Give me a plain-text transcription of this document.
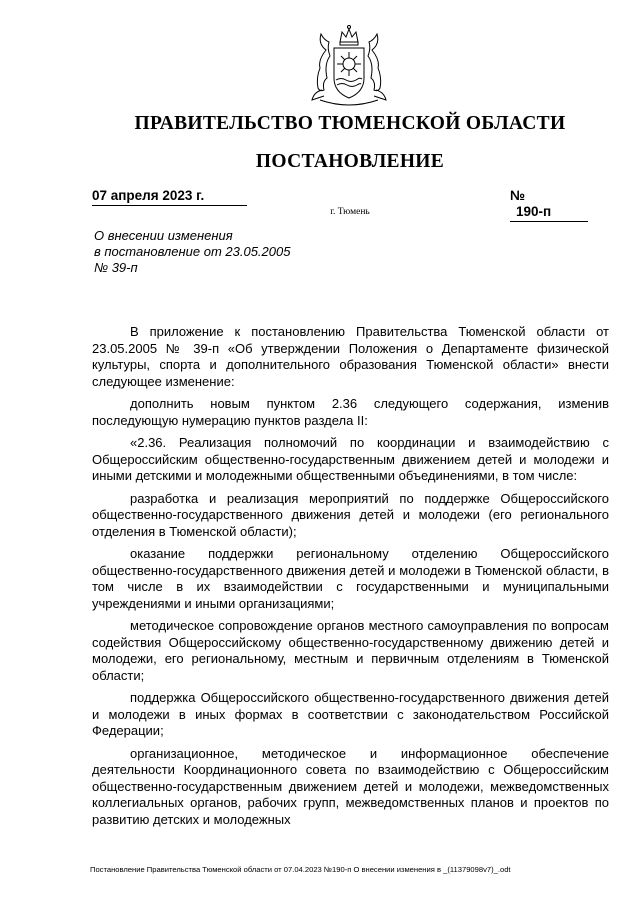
ПРАВИТЕЛЬСТВО ТЮМЕНСКОЙ ОБЛАСТИ
ПОСТАНОВЛЕНИЕ
07 апреля 2023 г.	№ 190-п
г. Тюмень
О внесении изменения
в постановление от 23.05.2005
№ 39-п

В приложение к постановлению Правительства Тюменской области от 23.05.2005 № 39-п «Об утверждении Положения о Департаменте физической культуры, спорта и дополнительного образования Тюменской области» внести следующее изменение:

дополнить новым пунктом 2.36 следующего содержания, изменив последующую нумерацию пунктов раздела II:

«2.36. Реализация полномочий по координации и взаимодействию с Общероссийским общественно-государственным движением детей и молодежи и иными детскими и молодежными общественными объединениями, в том числе:

разработка и реализация мероприятий по поддержке Общероссийского общественно-государственного движения детей и молодежи (его регионального отделения в Тюменской области);

оказание поддержки региональному отделению Общероссийского общественно-государственного движения детей и молодежи в Тюменской области, в том числе в их взаимодействии с государственными и муниципальными учреждениями и иными организациями;

методическое сопровождение органов местного самоуправления по вопросам содействия Общероссийскому общественно-государственному движению детей и молодежи, его региональному, местным и первичным отделениям в Тюменской области;

поддержка Общероссийского общественно-государственного движения детей и молодежи в иных формах в соответствии с законодательством Российской Федерации;

организационное, методическое и информационное обеспечение деятельности Координационного совета по взаимодействию с Общероссийским общественно-государственным движением детей и молодежи, межведомственных коллегиальных органов, рабочих групп, межведомственных планов и проектов по развитию детских и молодежных

Постановление Правительства Тюменской области от 07.04.2023 №190-п О внесении изменения в _(11379098v7)_.odt
